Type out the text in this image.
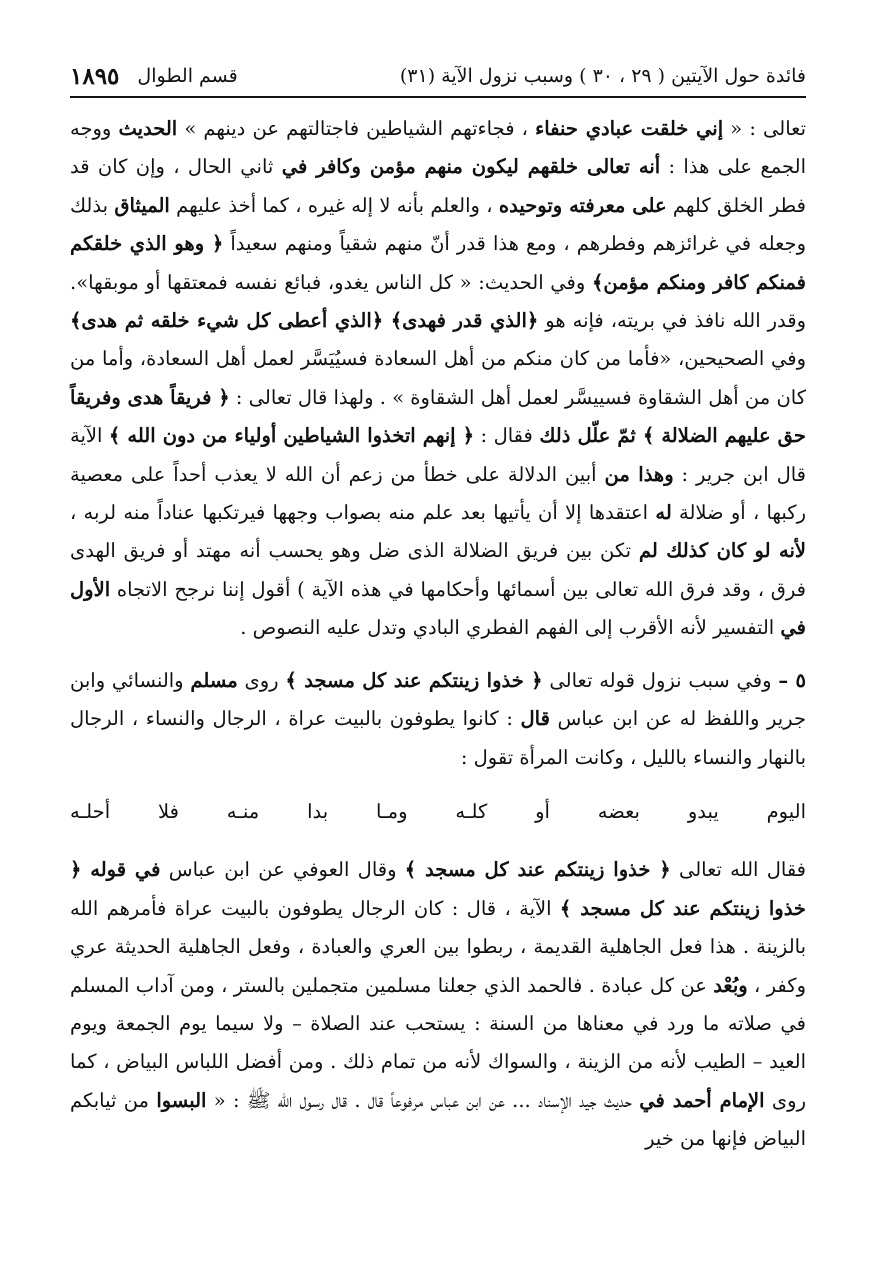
فائدة حول الآيتين ( ٢٩ ، ٣٠ ) وسبب نزول الآية (٣١)
قسم الطوال
١٨٩٥

تعالى : « إني خلقت عبادي حنفاء ، فجاءتهم الشياطين فاجتالتهم عن دينهم » الحديث ووجه الجمع على هذا : أنه تعالى خلقهم ليكون منهم مؤمن وكافر في ثاني الحال ، وإن كان قد فطر الخلق كلهم على معرفته وتوحيده ، والعلم بأنه لا إله غيره ، كما أخذ عليهم الميثاق بذلك وجعله في غرائزهم وفطرهم ، ومع هذا قدر أنّ منهم شقياً ومنهم سعيداً ﴿ وهو الذي خلقكم فمنكم كافر ومنكم مؤمن﴾ وفي الحديث: « كل الناس يغدو، فبائع نفسه فمعتقها أو موبقها». وقدر الله نافذ في بريته، فإنه هو ﴿الذي قدر فهدى﴾ ﴿الذي أعطى كل شيء خلقه ثم هدى﴾ وفي الصحيحين، «فأما من كان منكم من أهل السعادة فسيُيَسَّر لعمل أهل السعادة، وأما من كان من أهل الشقاوة فسييسَّر لعمل أهل الشقاوة » . ولهذا قال تعالى : ﴿ فريقاً هدى وفريقاً حق عليهم الضلالة ﴾ ثمّ علّل ذلك فقال : ﴿ إنهم اتخذوا الشياطين أولياء من دون الله ﴾ الآية قال ابن جرير : وهذا من أبين الدلالة على خطأ من زعم أن الله لا يعذب أحداً على معصية ركبها ، أو ضلالة له اعتقدها إلا أن يأتيها بعد علم منه بصواب وجهها فيرتكبها عناداً منه لربه ، لأنه لو كان كذلك لم تكن بين فريق الضلالة الذى ضل وهو يحسب أنه مهتد أو فريق الهدى فرق ، وقد فرق الله تعالى بين أسمائها وأحكامها في هذه الآية ) أقول إننا نرجح الاتجاه الأول في التفسير لأنه الأقرب إلى الفهم الفطري البادي وتدل عليه النصوص .

٥ – وفي سبب نزول قوله تعالى ﴿ خذوا زينتكم عند كل مسجد ﴾ روى مسلم والنسائي وابن جرير واللفظ له عن ابن عباس قال : كانوا يطوفون بالبيت عراة ، الرجال والنساء ، الرجال بالنهار والنساء بالليل ، وكانت المرأة تقول :

اليوم
يبدو
بعضه
أو
كلـه
ومـا
بدا
منـه
فلا
أحلـه

فقال الله تعالى ﴿ خذوا زينتكم عند كل مسجد ﴾ وقال العوفي عن ابن عباس في قوله ﴿ خذوا زينتكم عند كل مسجد ﴾ الآية ، قال : كان الرجال يطوفون بالبيت عراة فأمرهم الله بالزينة . هذا فعل الجاهلية القديمة ، ربطوا بين العري والعبادة ، وفعل الجاهلية الحديثة عري وكفر ، وبُعْد عن كل عبادة . فالحمد الذي جعلنا مسلمين متجملين بالستر ، ومن آداب المسلم في صلاته ما ورد في معناها من السنة : يستحب عند الصلاة – ولا سيما يوم الجمعة ويوم العيد – الطيب لأنه من الزينة ، والسواك لأنه من تمام ذلك . ومن أفضل اللباس البياض ، كما روى الإمام أحمد في حديث جيد الإسناد ... عن ابن عباس مرفوعاً قال . قال رسول الله ﷺ : « البسوا من ثيابكم البياض فإنها من خير
